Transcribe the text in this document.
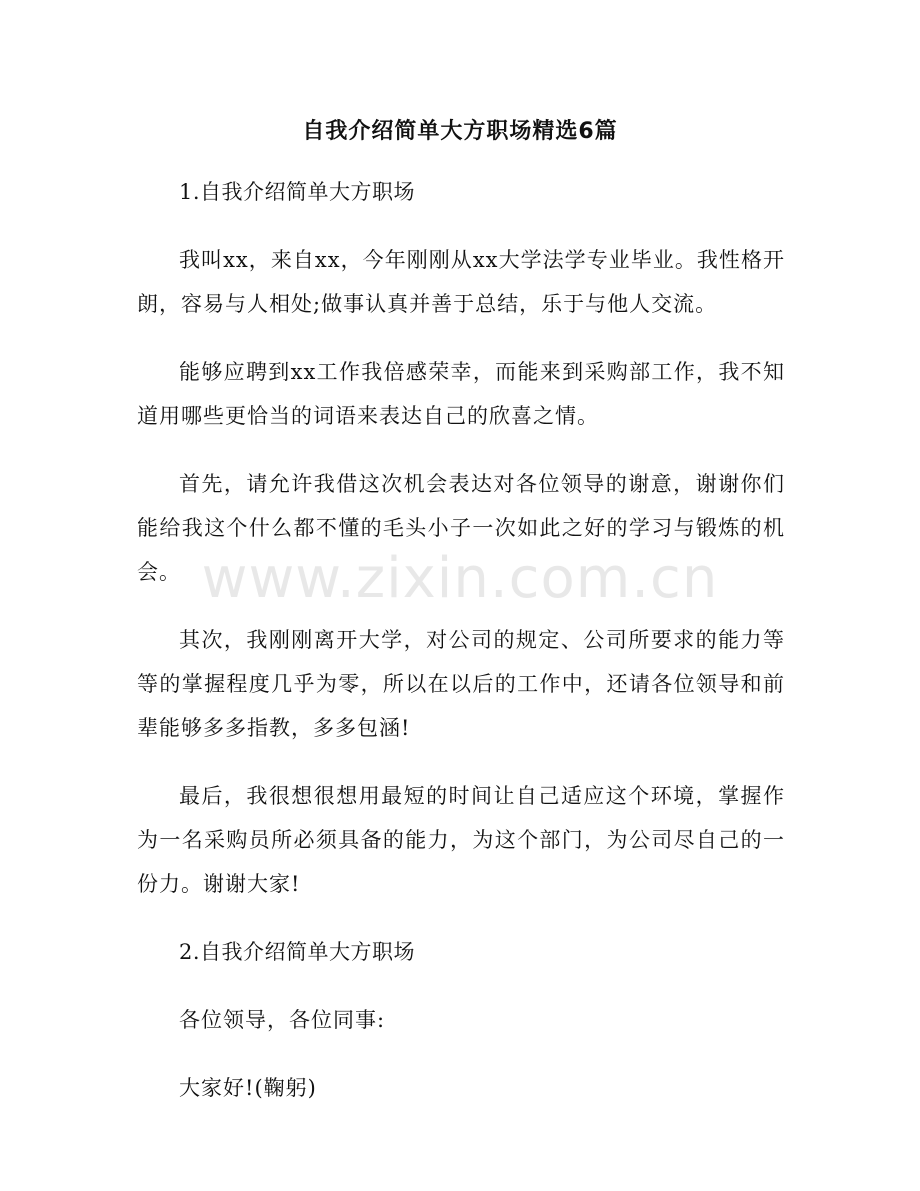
自我介绍简单大方职场精选6篇

1.自我介绍简单大方职场

我叫xx，来自xx，今年刚刚从xx大学法学专业毕业。我性格开朗，容易与人相处;做事认真并善于总结，乐于与他人交流。

能够应聘到xx工作我倍感荣幸，而能来到采购部工作，我不知道用哪些更恰当的词语来表达自己的欣喜之情。

首先，请允许我借这次机会表达对各位领导的谢意，谢谢你们能给我这个什么都不懂的毛头小子一次如此之好的学习与锻炼的机会。

其次，我刚刚离开大学，对公司的规定、公司所要求的能力等等的掌握程度几乎为零，所以在以后的工作中，还请各位领导和前辈能够多多指教，多多包涵!

最后，我很想很想用最短的时间让自己适应这个环境，掌握作为一名采购员所必须具备的能力，为这个部门，为公司尽自己的一份力。谢谢大家!

2.自我介绍简单大方职场

各位领导，各位同事:

大家好!(鞠躬)

www.zixin.com.cn
